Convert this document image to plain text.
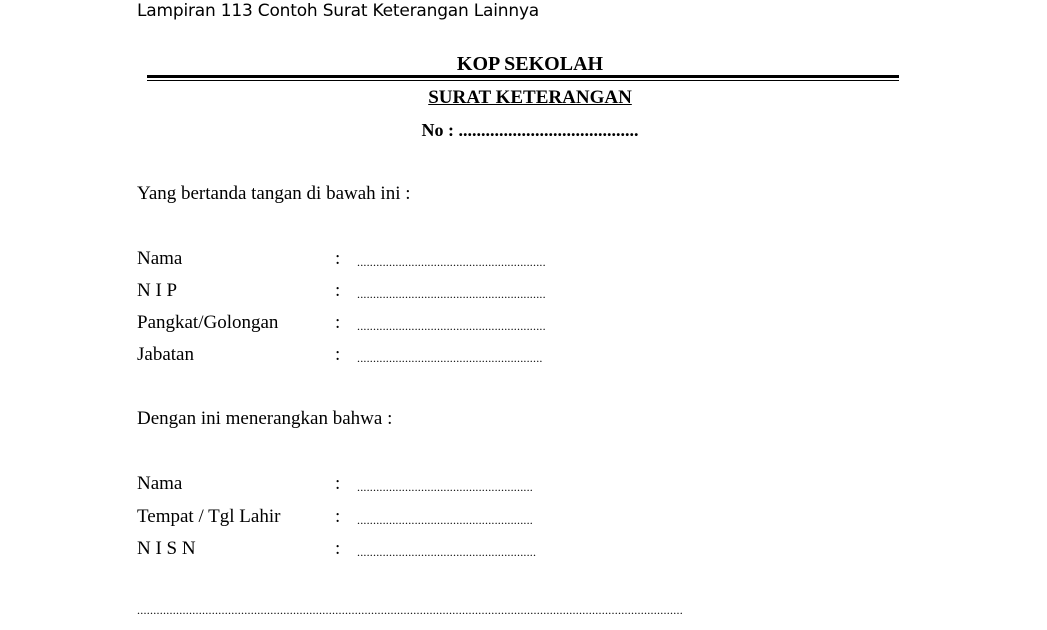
Lampiran 113 Contoh Surat Keterangan Lainnya
KOP SEKOLAH
SURAT KETERANGAN
No : ........................................
Yang bertanda tangan di bawah ini :
Nama	: ...........................................................
N I P	: ...........................................................
Pangkat/Golongan	: ...........................................................
Jabatan	: ..........................................................
Dengan ini menerangkan bahwa :
Nama	: .......................................................
Tempat / Tgl Lahir	: .......................................................
N I S N	: ........................................................
........................................................................................................................................................................
